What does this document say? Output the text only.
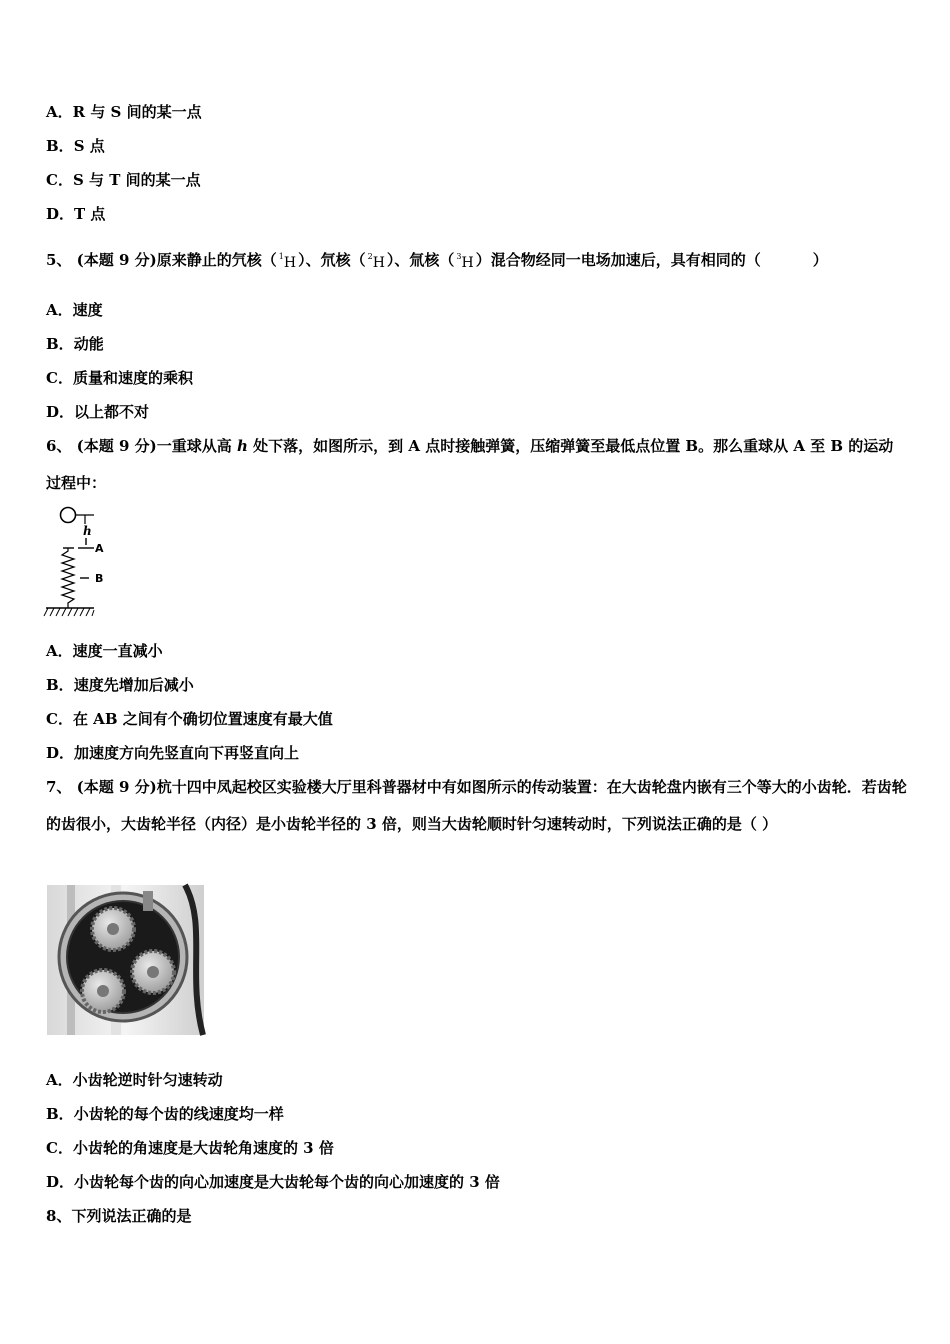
A．R 与 S 间的某一点
B．S 点
C．S 与 T 间的某一点
D．T 点
5、 (本题 9 分)原来静止的氕核（ $^1$H ）、氘核（ $^2$H ）、氚核（ $^3$H ）混合物经同一电场加速后，具有相同的（	）
A．速度
B．动能
C．质量和速度的乘积
D．以上都不对
6、 (本题 9 分)一重球从高 h 处下落，如图所示，到 A 点时接触弹簧，压缩弹簧至最低点位置 B。那么重球从 A 至 B 的运动过程中：
h
A
B
A．速度一直减小
B．速度先增加后减小
C．在 AB 之间有个确切位置速度有最大值
D．加速度方向先竖直向下再竖直向上
7、 (本题 9 分)杭十四中凤起校区实验楼大厅里科普器材中有如图所示的传动装置：在大齿轮盘内嵌有三个等大的小齿轮．若齿轮的齿很小，大齿轮半径（内径）是小齿轮半径的 3 倍，则当大齿轮顺时针匀速转动时，下列说法正确的是（ ）
A．小齿轮逆时针匀速转动
B．小齿轮的每个齿的线速度均一样
C．小齿轮的角速度是大齿轮角速度的 3 倍
D．小齿轮每个齿的向心加速度是大齿轮每个齿的向心加速度的 3 倍
8、下列说法正确的是
